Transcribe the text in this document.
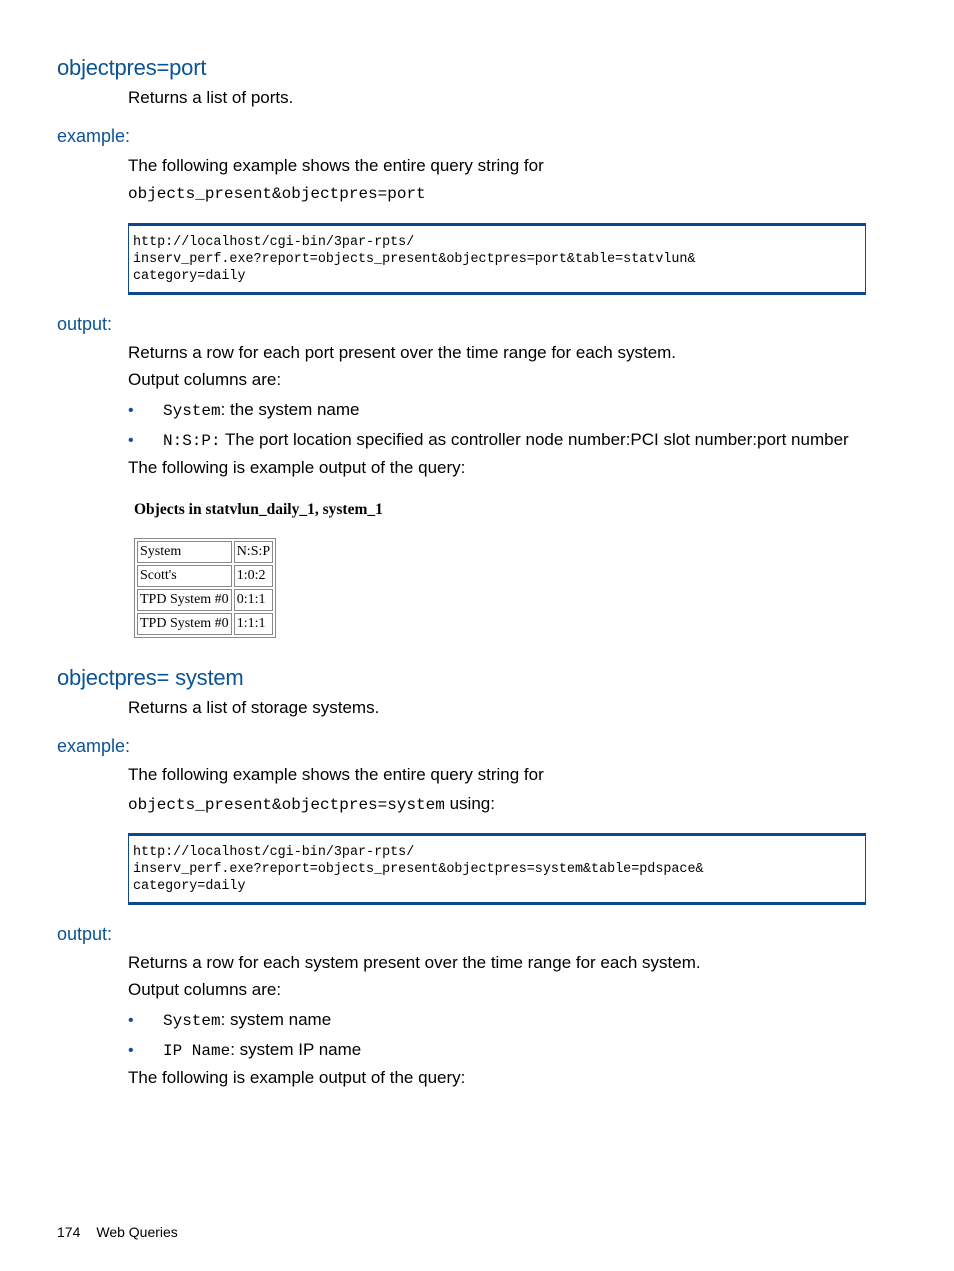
objectpres=port
Returns a list of ports.
example:
The following example shows the entire query string for
objects_present&objectpres=port
http://localhost/cgi-bin/3par-rpts/
inserv_perf.exe?report=objects_present&objectpres=port&table=statvlun&
category=daily
output:
Returns a row for each port present over the time range for each system.
Output columns are:
• System: the system name
• N:S:P: The port location specified as controller node number:PCI slot number:port number
The following is example output of the query:
Objects in statvlun_daily_1, system_1
System	N:S:P
Scott's	1:0:2
TPD System #0	0:1:1
TPD System #0	1:1:1
objectpres= system
Returns a list of storage systems.
example:
The following example shows the entire query string for
objects_present&objectpres=system using:
http://localhost/cgi-bin/3par-rpts/
inserv_perf.exe?report=objects_present&objectpres=system&table=pdspace&
category=daily
output:
Returns a row for each system present over the time range for each system.
Output columns are:
• System: system name
• IP Name: system IP name
The following is example output of the query:
174 Web Queries
